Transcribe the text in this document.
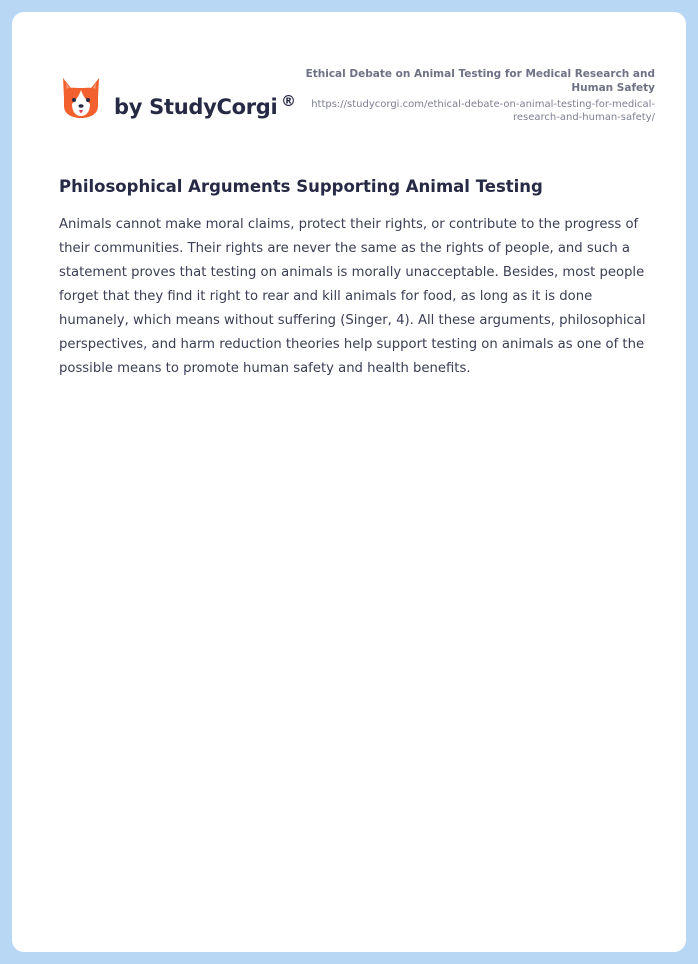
by StudyCorgi ®
Ethical Debate on Animal Testing for Medical Research and Human Safety
https://studycorgi.com/ethical-debate-on-animal-testing-for-medical-research-and-human-safety/
Philosophical Arguments Supporting Animal Testing

Animals cannot make moral claims, protect their rights, or contribute to the progress of their communities. Their rights are never the same as the rights of people, and such a statement proves that testing on animals is morally unacceptable. Besides, most people forget that they find it right to rear and kill animals for food, as long as it is done humanely, which means without suffering (Singer, 4). All these arguments, philosophical perspectives, and harm reduction theories help support testing on animals as one of the possible means to promote human safety and health benefits.
